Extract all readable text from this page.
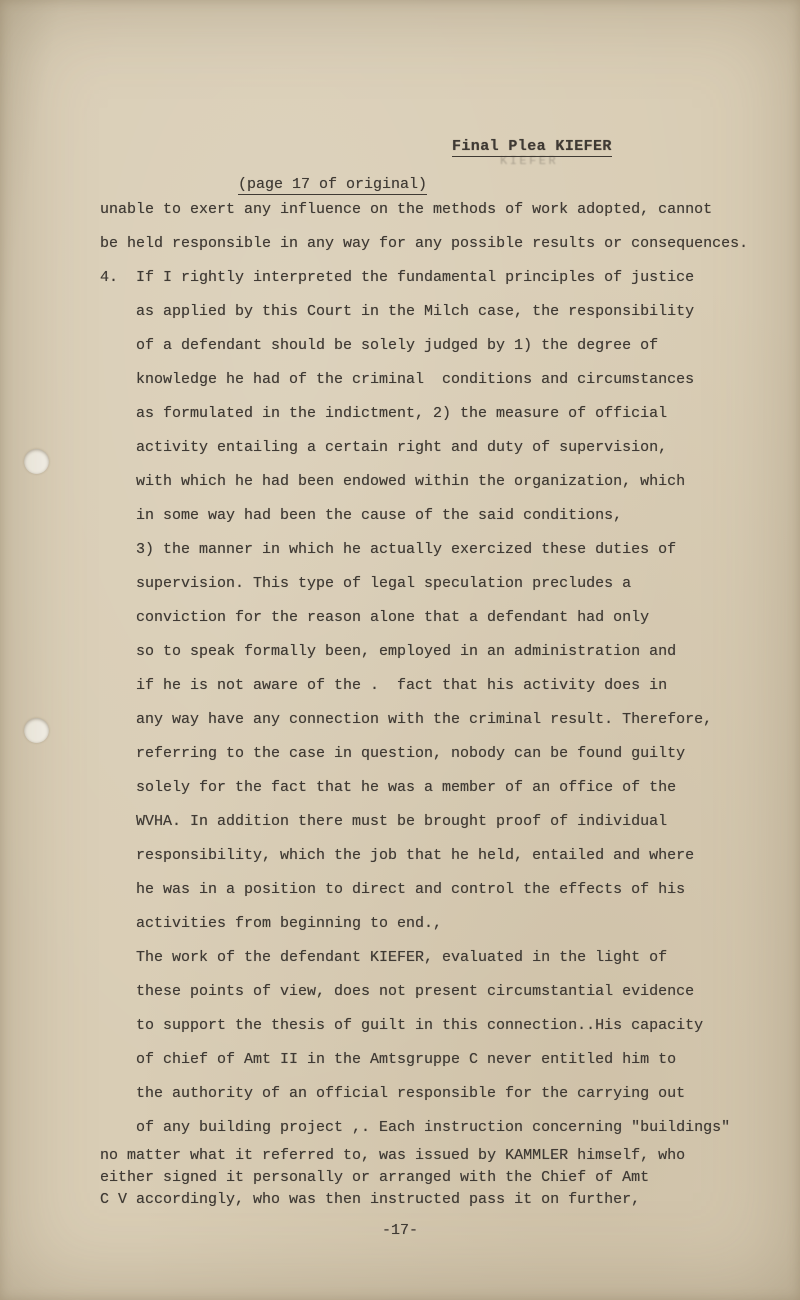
Final Plea KIEFER
KIEFER
(page 17 of original)
unable to exert any influence on the methods of work adopted, cannot
be held responsible in any way for any possible results or consequences.
4.  If I rightly interpreted the fundamental principles of justice
as applied by this Court in the Milch case, the responsibility
of a defendant should be solely judged by 1) the degree of
knowledge he had of the criminal  conditions and circumstances
as formulated in the indictment, 2) the measure of official
activity entailing a certain right and duty of supervision,
with which he had been endowed within the organization, which
in some way had been the cause of the said conditions,
3) the manner in which he actually exercized these duties of
supervision. This type of legal speculation precludes a
conviction for the reason alone that a defendant had only
so to speak formally been, employed in an administration and
if he is not aware of the .  fact that his activity does in
any way have any connection with the criminal result. Therefore,
referring to the case in question, nobody can be found guilty
solely for the fact that he was a member of an office of the
WVHA. In addition there must be brought proof of individual
responsibility, which the job that he held, entailed and where
he was in a position to direct and control the effects of his
activities from beginning to end.,
The work of the defendant KIEFER, evaluated in the light of
these points of view, does not present circumstantial evidence
to support the thesis of guilt in this connection..His capacity
of chief of Amt II in the Amtsgruppe C never entitled him to
the authority of an official responsible for the carrying out
of any building project ,. Each instruction concerning "buildings"
no matter what it referred to, was issued by KAMMLER himself, who
either signed it personally or arranged with the Chief of Amt
C V accordingly, who was then instructed pass it on further,
-17-
